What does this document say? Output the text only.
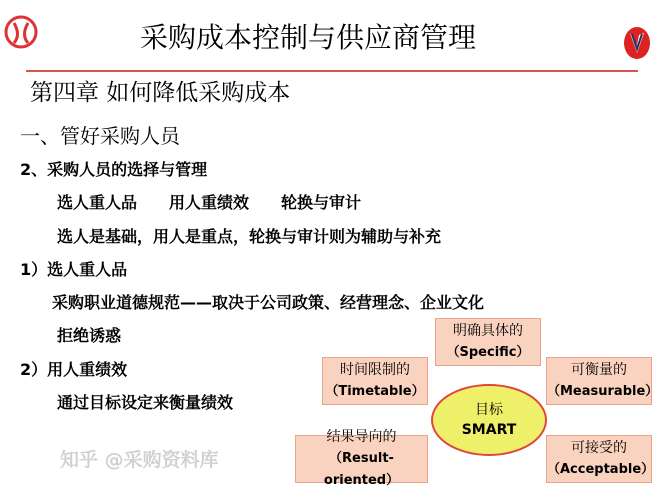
采购成本控制与供应商管理
第四章 如何降低采购成本
一、管好采购人员
2、采购人员的选择与管理
选人重人品　　用人重绩效　　轮换与审计
选人是基础，用人是重点，轮换与审计则为辅助与补充
1）选人重人品
采购职业道德规范——取决于公司政策、经营理念、企业文化
拒绝诱惑
2）用人重绩效
通过目标设定来衡量绩效
明确具体的
（Specific）
时间限制的
（Timetable）
可衡量的
（Measurable）
结果导向的
（Result-oriented）
可接受的
（Acceptable）
目标
SMART
知乎 @采购资料库
